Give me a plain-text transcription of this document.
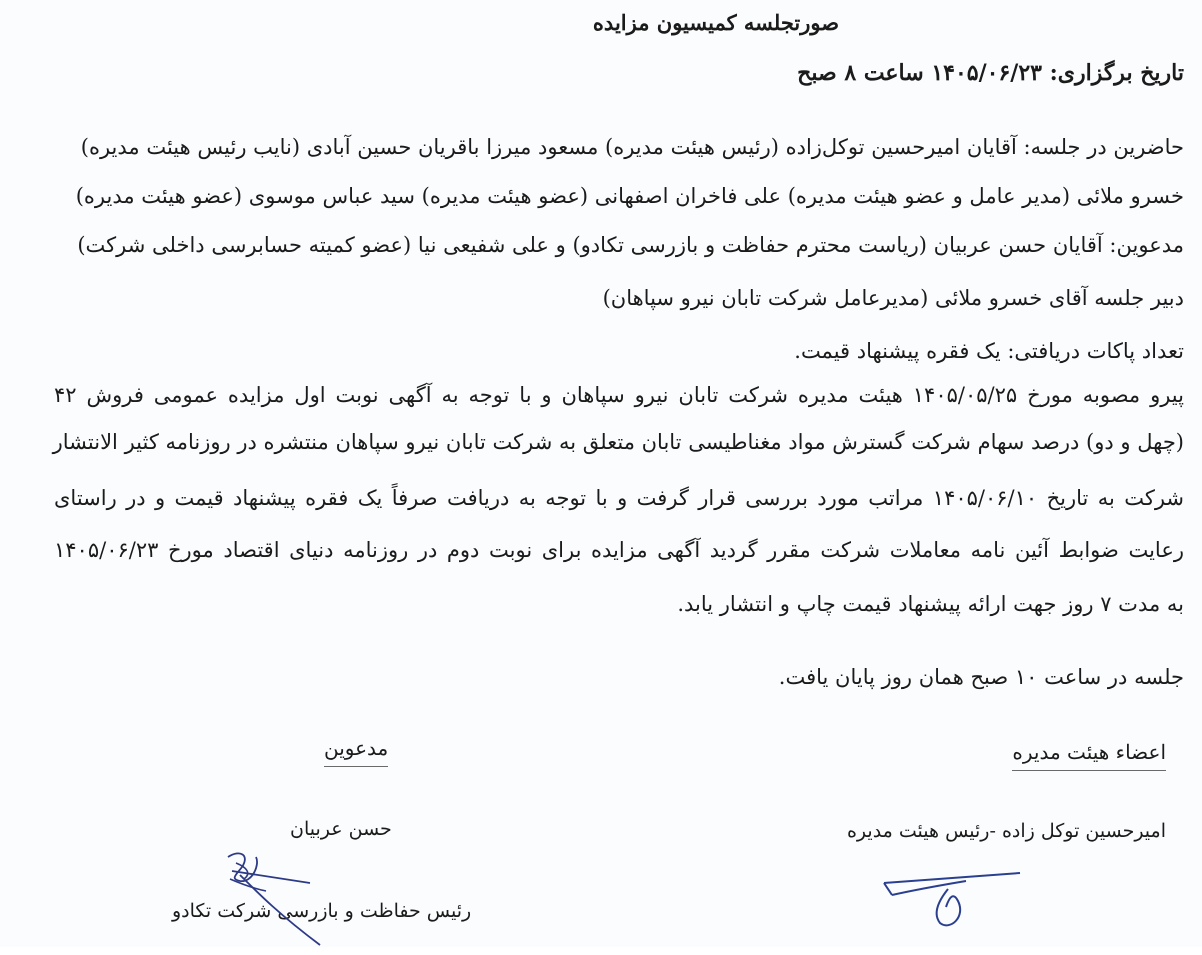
صورتجلسه کمیسیون مزایده
تاریخ برگزاری: ۱۴۰۵/۰۶/۲۳ ساعت ۸ صبح
حاضرین در جلسه: آقایان امیرحسین توکل‌زاده (رئیس هیئت مدیره) مسعود میرزا باقریان حسین آبادی (نایب رئیس هیئت مدیره)
خسرو ملائی (مدیر عامل و عضو هیئت مدیره) علی فاخران اصفهانی (عضو هیئت مدیره) سید عباس موسوی (عضو هیئت مدیره)
مدعوین: آقایان حسن عربیان (ریاست محترم حفاظت و بازرسی تکادو) و علی شفیعی نیا (عضو کمیته حسابرسی داخلی شرکت)
دبیر جلسه آقای خسرو ملائی (مدیرعامل شرکت تابان نیرو سپاهان)
تعداد پاکات دریافتی: یک فقره پیشنهاد قیمت.
پیرو مصوبه مورخ ۱۴۰۵/۰۵/۲۵ هیئت مدیره شرکت تابان نیرو سپاهان و با توجه به آگهی نوبت اول مزایده عمومی فروش ۴۲
(چهل و دو) درصد سهام شرکت گسترش مواد مغناطیسی تابان متعلق به شرکت تابان نیرو سپاهان منتشره در روزنامه کثیر الانتشار
شرکت به تاریخ ۱۴۰۵/۰۶/۱۰ مراتب مورد بررسی قرار گرفت و با توجه به دریافت صرفاً یک فقره پیشنهاد قیمت و در راستای
رعایت ضوابط آئین نامه معاملات شرکت مقرر گردید آگهی مزایده برای نوبت دوم در روزنامه دنیای اقتصاد مورخ ۱۴۰۵/۰۶/۲۳
به مدت ۷ روز جهت ارائه پیشنهاد قیمت چاپ و انتشار یابد.
جلسه در ساعت ۱۰ صبح همان روز پایان یافت.
اعضاء هیئت مدیره
امیرحسین توکل زاده -رئیس هیئت مدیره
مدعوین
حسن عربیان
رئیس حفاظت و بازرسی شرکت تکادو
